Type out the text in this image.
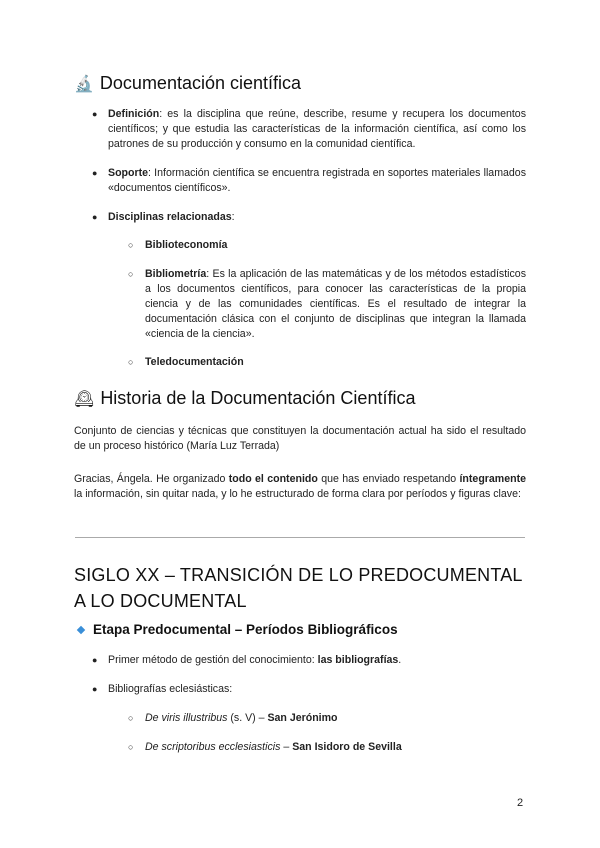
🔬 Documentación científica
● Definición: es la disciplina que reúne, describe, resume y recupera los documentos científicos; y que estudia las características de la información científica, así como los patrones de su producción y consumo en la comunidad científica.
● Soporte: Información científica se encuentra registrada en soportes materiales llamados «documentos científicos».
● Disciplinas relacionadas:
○ Biblioteconomía
○ Bibliometría: Es la aplicación de las matemáticas y de los métodos estadísticos a los documentos científicos, para conocer las características de la propia ciencia y de las comunidades científicas. Es el resultado de integrar la documentación clásica con el conjunto de disciplinas que integran la llamada «ciencia de la ciencia».
○ Teledocumentación
🕰 Historia de la Documentación Científica
Conjunto de ciencias y técnicas que constituyen la documentación actual ha sido el resultado de un proceso histórico (María Luz Terrada)
Gracias, Ángela. He organizado todo el contenido que has enviado respetando íntegramente la información, sin quitar nada, y lo he estructurado de forma clara por períodos y figuras clave:
SIGLO XX – TRANSICIÓN DE LO PREDOCUMENTAL A LO DOCUMENTAL
Etapa Predocumental – Períodos Bibliográficos
● Primer método de gestión del conocimiento: las bibliografías.
● Bibliografías eclesiásticas:
○ De viris illustribus (s. V) – San Jerónimo
○ De scriptoribus ecclesiasticis – San Isidoro de Sevilla
2
